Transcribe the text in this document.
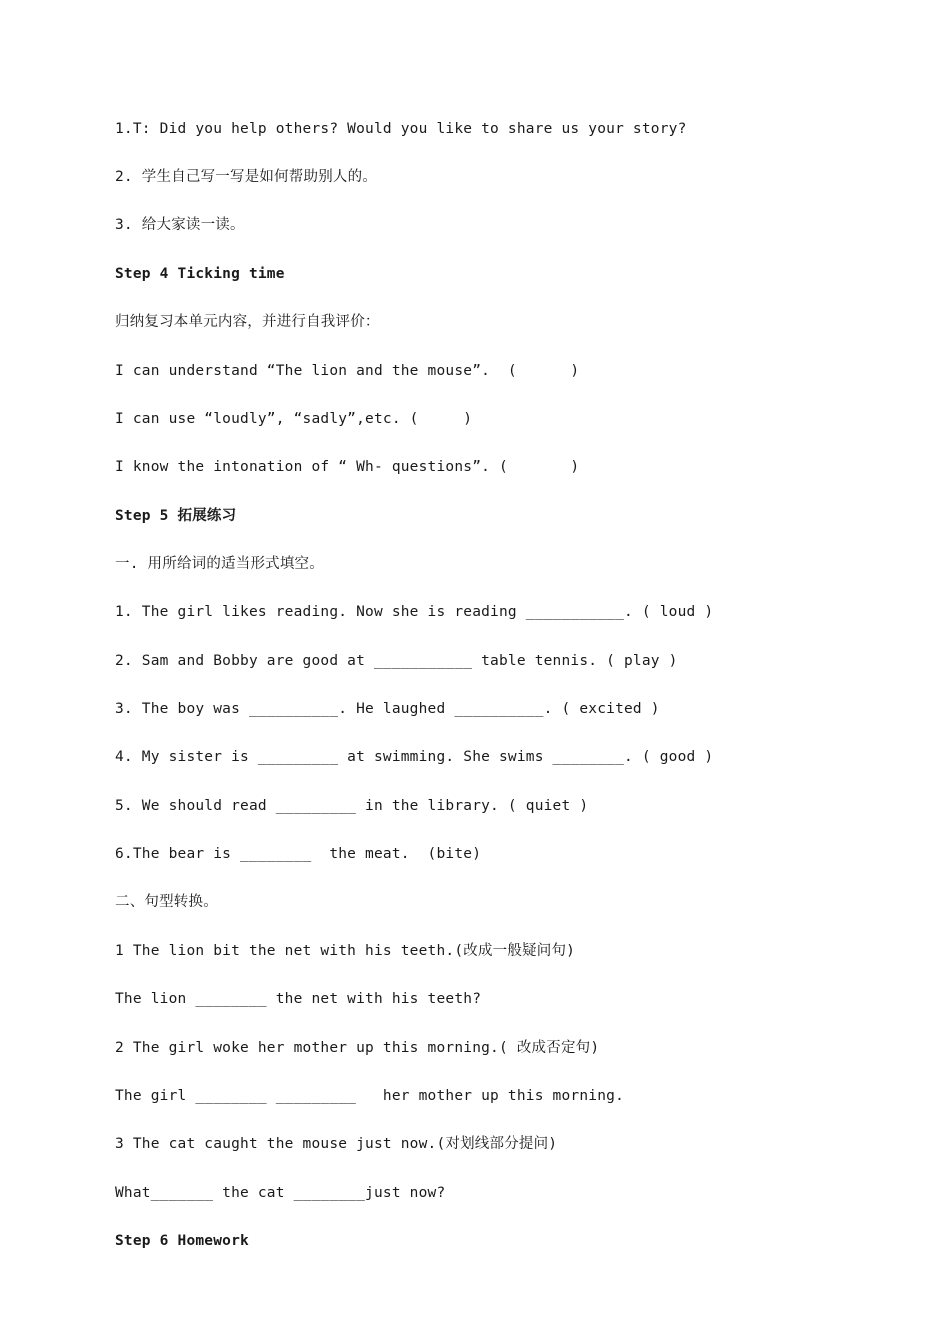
1.T: Did you help others? Would you like to share us your story?
2. 学生自己写一写是如何帮助别人的。
3. 给大家读一读。
Step 4 Ticking time
归纳复习本单元内容，并进行自我评价：
I can understand “The lion and the mouse”.  (      )
I can use “loudly”, “sadly”,etc. (     )
I know the intonation of “ Wh- questions”. (       )
Step 5 拓展练习
一. 用所给词的适当形式填空。
1. The girl likes reading. Now she is reading ___________. ( loud )
2. Sam and Bobby are good at ___________ table tennis. ( play )
3. The boy was __________. He laughed __________. ( excited )
4. My sister is _________ at swimming. She swims ________. ( good )
5. We should read _________ in the library. ( quiet )
6.The bear is ________  the meat.  (bite)
二、句型转换。
1 The lion bit the net with his teeth.(改成一般疑问句)
The lion ________ the net with his teeth?
2 The girl woke her mother up this morning.( 改成否定句)
The girl ________ _________   her mother up this morning.
3 The cat caught the mouse just now.(对划线部分提问)
What_______ the cat ________just now?
Step 6 Homework
